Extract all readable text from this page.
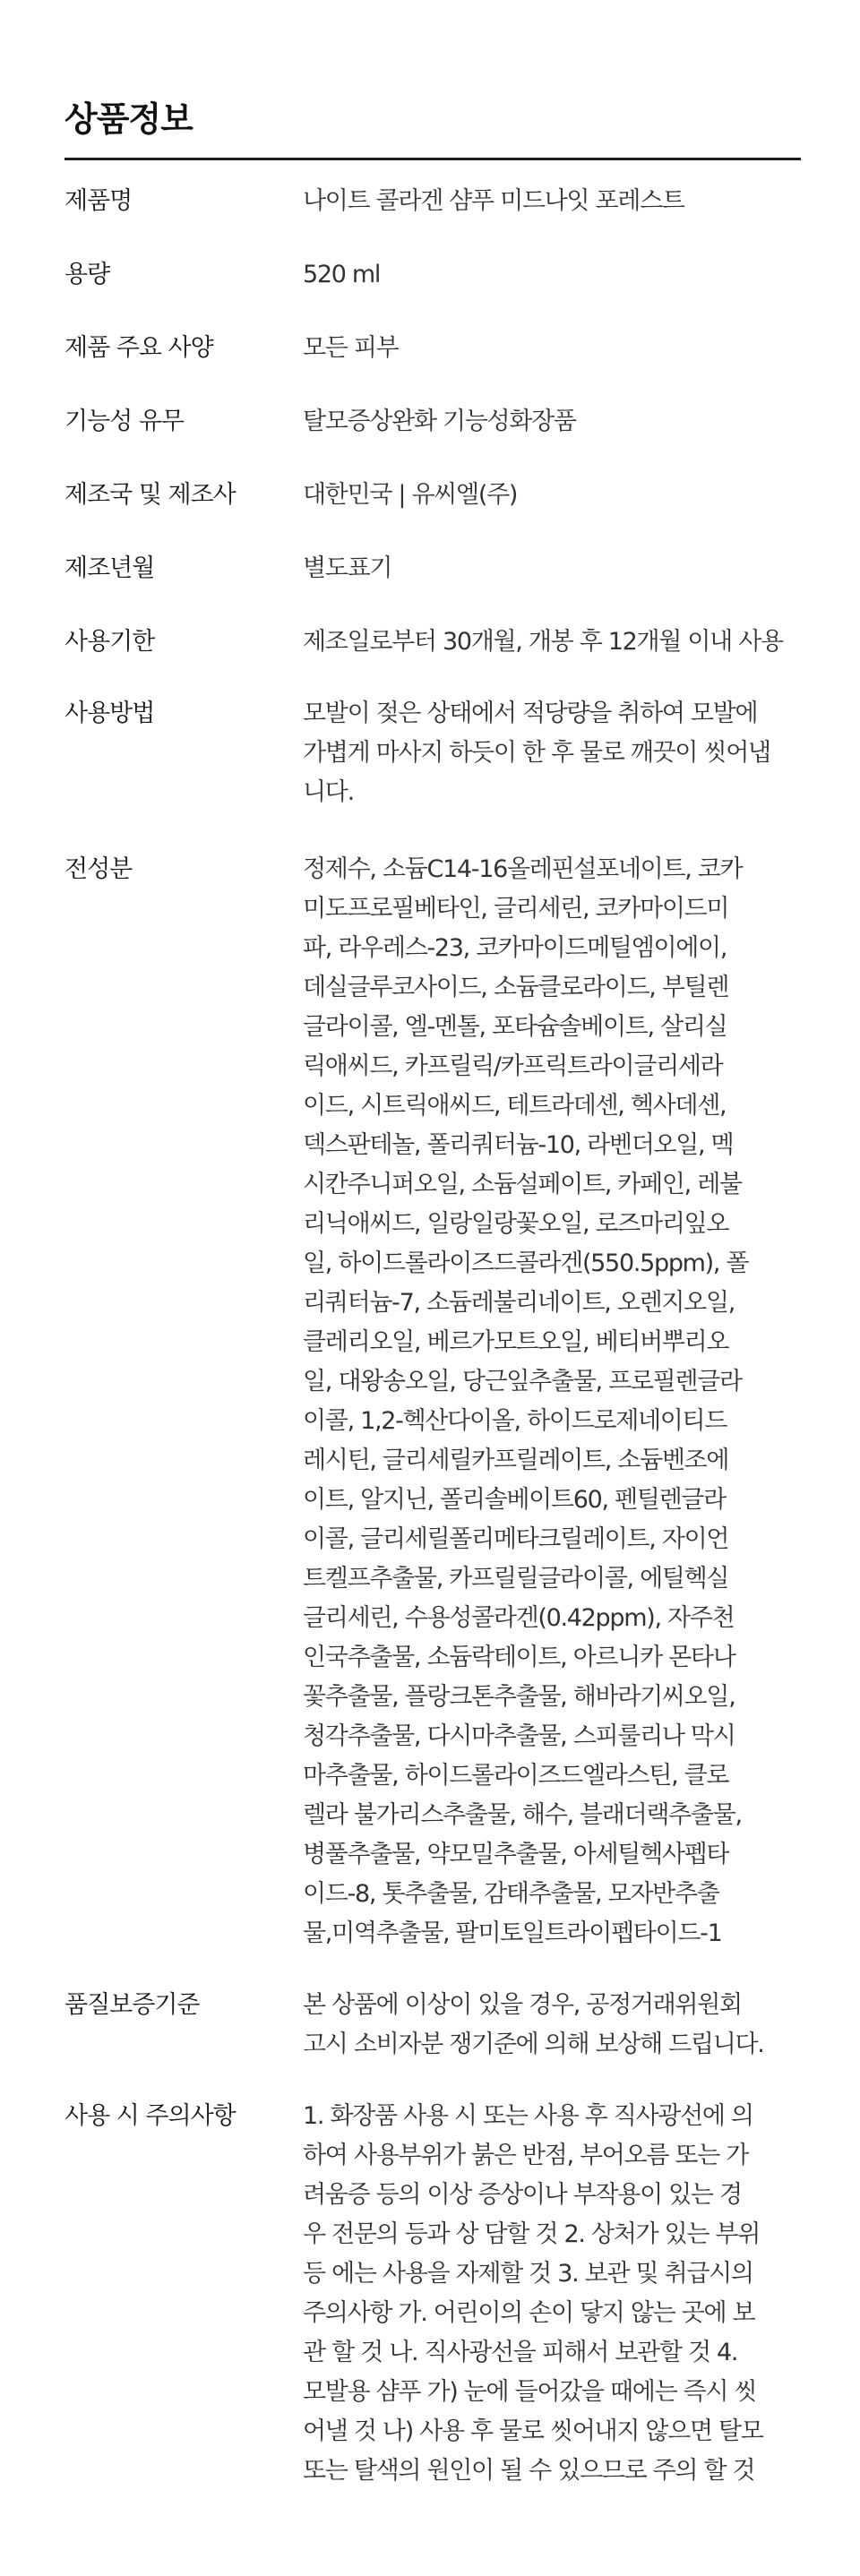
상품정보
제품명	나이트 콜라겐 샴푸 미드나잇 포레스트
용량	520 ml
제품 주요 사양	모든 피부
기능성 유무	탈모증상완화 기능성화장품
제조국 및 제조사	대한민국 | 유씨엘(주)
제조년월	별도표기
사용기한	제조일로부터 30개월, 개봉 후 12개월 이내 사용
사용방법	모발이 젖은 상태에서 적당량을 취하여 모발에
가볍게 마사지 하듯이 한 후 물로 깨끗이 씻어냅
니다.
전성분	정제수, 소듐C14-16올레핀설포네이트, 코카
미도프로필베타인, 글리세린, 코카마이드미
파, 라우레스-23, 코카마이드메틸엠이에이,
데실글루코사이드, 소듐클로라이드, 부틸렌
글라이콜, 엘-멘톨, 포타슘솔베이트, 살리실
릭애씨드, 카프릴릭/카프릭트라이글리세라
이드, 시트릭애씨드, 테트라데센, 헥사데센,
덱스판테놀, 폴리쿼터늄-10, 라벤더오일, 멕
시칸주니퍼오일, 소듐설페이트, 카페인, 레불
리닉애씨드, 일랑일랑꽃오일, 로즈마리잎오
일, 하이드롤라이즈드콜라겐(550.5ppm), 폴
리쿼터늄-7, 소듐레불리네이트, 오렌지오일,
클레리오일, 베르가모트오일, 베티버뿌리오
일, 대왕송오일, 당근잎추출물, 프로필렌글라
이콜, 1,2-헥산다이올, 하이드로제네이티드
레시틴, 글리세릴카프릴레이트, 소듐벤조에
이트, 알지닌, 폴리솔베이트60, 펜틸렌글라
이콜, 글리세릴폴리메타크릴레이트, 자이언
트켈프추출물, 카프릴릴글라이콜, 에틸헥실
글리세린, 수용성콜라겐(0.42ppm), 자주천
인국추출물, 소듐락테이트, 아르니카 몬타나
꽃추출물, 플랑크톤추출물, 해바라기씨오일,
청각추출물, 다시마추출물, 스피룰리나 막시
마추출물, 하이드롤라이즈드엘라스틴, 클로
렐라 불가리스추출물, 해수, 블래더랙추출물,
병풀추출물, 약모밀추출물, 아세틸헥사펩타
이드-8, 톳추출물, 감태추출물, 모자반추출
물,미역추출물, 팔미토일트라이펩타이드-1
품질보증기준	본 상품에 이상이 있을 경우, 공정거래위원회
고시 소비자분 쟁기준에 의해 보상해 드립니다.
사용 시 주의사항	1. 화장품 사용 시 또는 사용 후 직사광선에 의
하여 사용부위가 붉은 반점, 부어오름 또는 가
려움증 등의 이상 증상이나 부작용이 있는 경
우 전문의 등과 상 담할 것 2. 상처가 있는 부위
등 에는 사용을 자제할 것 3. 보관 및 취급시의
주의사항 가. 어린이의 손이 닿지 않는 곳에 보
관 할 것 나. 직사광선을 피해서 보관할 것 4.
모발용 샴푸 가) 눈에 들어갔을 때에는 즉시 씻
어낼 것 나) 사용 후 물로 씻어내지 않으면 탈모
또는 탈색의 원인이 될 수 있으므로 주의 할 것
